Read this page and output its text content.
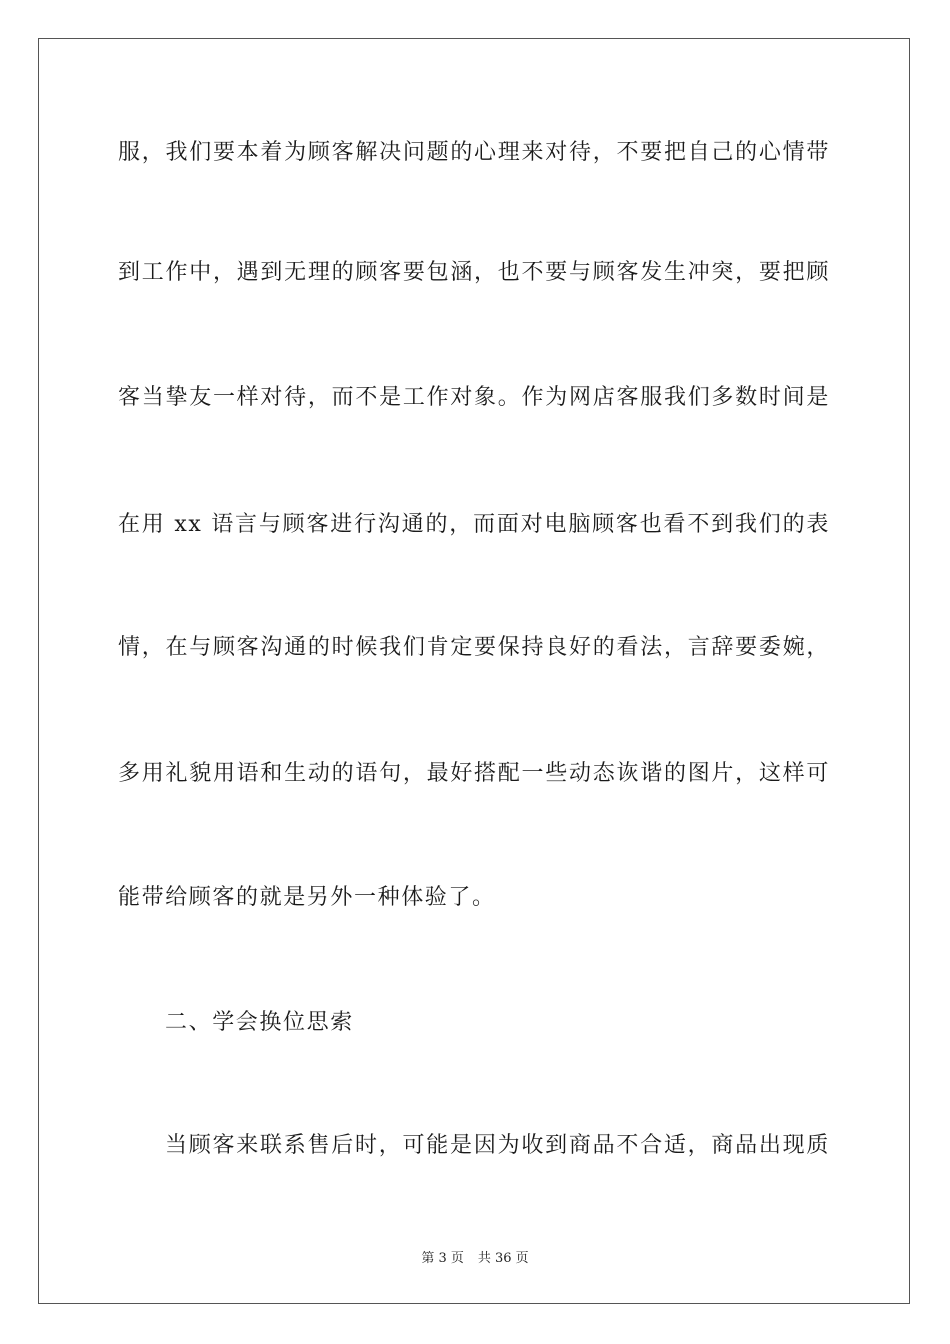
服，我们要本着为顾客解决问题的心理来对待，不要把自己的心情带
到工作中，遇到无理的顾客要包涵，也不要与顾客发生冲突，要把顾
客当挚友一样对待，而不是工作对象。作为网店客服我们多数时间是
在用 xx 语言与顾客进行沟通的，而面对电脑顾客也看不到我们的表
情，在与顾客沟通的时候我们肯定要保持良好的看法，言辞要委婉，
多用礼貌用语和生动的语句，最好搭配一些动态诙谐的图片，这样可
能带给顾客的就是另外一种体验了。
二、学会换位思索
当顾客来联系售后时，可能是因为收到商品不合适，商品出现质
第 3 页 共 36 页
